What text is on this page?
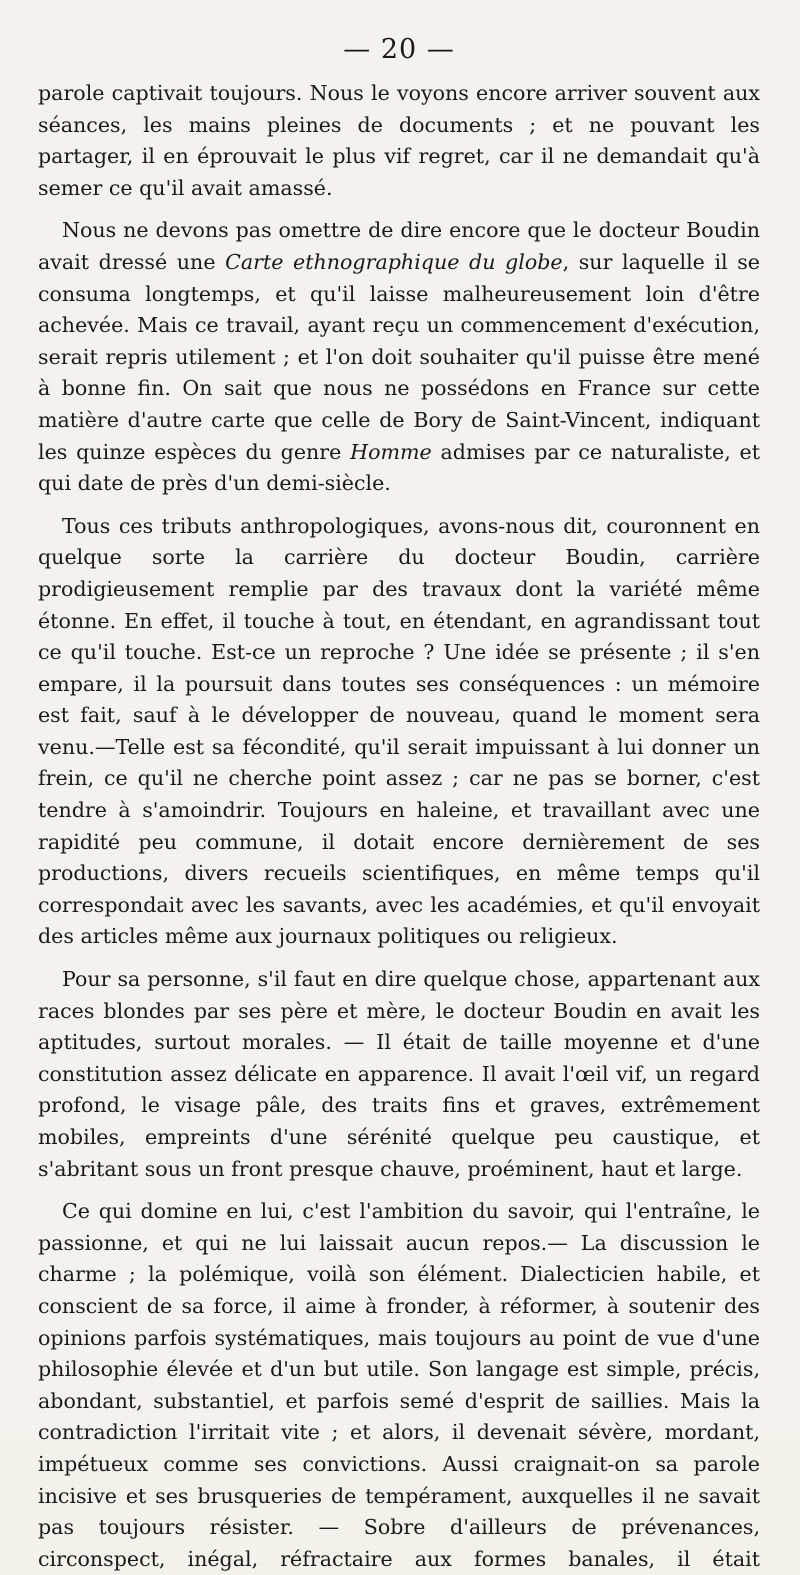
— 20 —

parole captivait toujours. Nous le voyons encore arriver souvent aux séances, les mains pleines de documents ; et ne pouvant les partager, il en éprouvait le plus vif regret, car il ne demandait qu'à semer ce qu'il avait amassé.

Nous ne devons pas omettre de dire encore que le docteur Boudin avait dressé une Carte ethnographique du globe, sur laquelle il se consuma longtemps, et qu'il laisse malheureusement loin d'être achevée. Mais ce travail, ayant reçu un commencement d'exécution, serait repris utilement ; et l'on doit souhaiter qu'il puisse être mené à bonne fin. On sait que nous ne possédons en France sur cette matière d'autre carte que celle de Bory de Saint-Vincent, indiquant les quinze espèces du genre Homme admises par ce naturaliste, et qui date de près d'un demi-siècle.

Tous ces tributs anthropologiques, avons-nous dit, couronnent en quelque sorte la carrière du docteur Boudin, carrière prodigieusement remplie par des travaux dont la variété même étonne. En effet, il touche à tout, en étendant, en agrandissant tout ce qu'il touche. Est-ce un reproche ? Une idée se présente ; il s'en empare, il la poursuit dans toutes ses conséquences : un mémoire est fait, sauf à le développer de nouveau, quand le moment sera venu.—Telle est sa fécondité, qu'il serait impuissant à lui donner un frein, ce qu'il ne cherche point assez ; car ne pas se borner, c'est tendre à s'amoindrir. Toujours en haleine, et travaillant avec une rapidité peu commune, il dotait encore dernièrement de ses productions, divers recueils scientifiques, en même temps qu'il correspondait avec les savants, avec les académies, et qu'il envoyait des articles même aux journaux politiques ou religieux.

Pour sa personne, s'il faut en dire quelque chose, appartenant aux races blondes par ses père et mère, le docteur Boudin en avait les aptitudes, surtout morales. — Il était de taille moyenne et d'une constitution assez délicate en apparence. Il avait l'œil vif, un regard profond, le visage pâle, des traits fins et graves, extrêmement mobiles, empreints d'une sérénité quelque peu caustique, et s'abritant sous un front presque chauve, proéminent, haut et large.

Ce qui domine en lui, c'est l'ambition du savoir, qui l'entraîne, le passionne, et qui ne lui laissait aucun repos.— La discussion le charme ; la polémique, voilà son élément. Dialecticien habile, et conscient de sa force, il aime à fronder, à réformer, à soutenir des opinions parfois systématiques, mais toujours au point de vue d'une philosophie élevée et d'un but utile. Son langage est simple, précis, abondant, substantiel, et parfois semé d'esprit de saillies. Mais la contradiction l'irritait vite ; et alors, il devenait sévère, mordant, impétueux comme ses convictions. Aussi craignait-on sa parole incisive et ses brusqueries de tempérament, auxquelles il ne savait pas toujours résister. — Sobre d'ailleurs de prévenances, circonspect, inégal, réfractaire aux formes banales, il était
